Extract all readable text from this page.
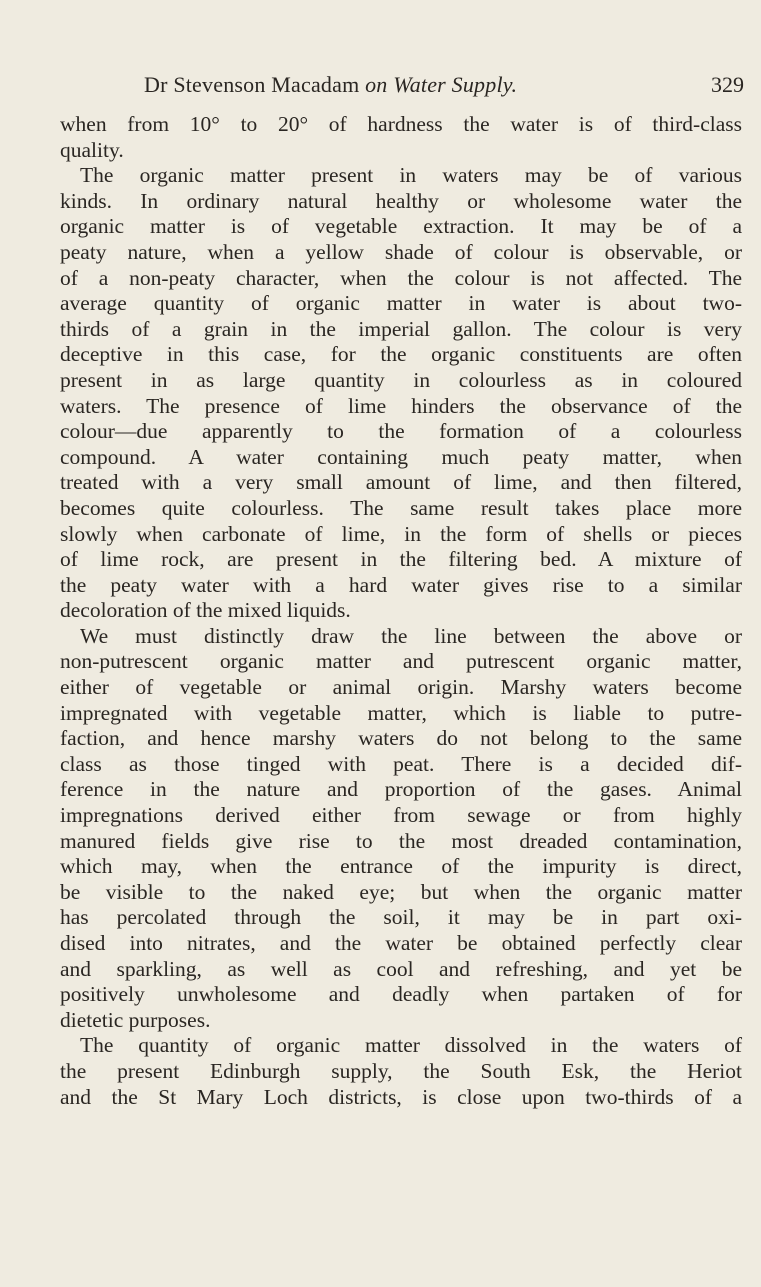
Dr Stevenson Macadam on Water Supply.	329
when from 10° to 20° of hardness the water is of third-class
quality.
The organic matter present in waters may be of various
kinds. In ordinary natural healthy or wholesome water the
organic matter is of vegetable extraction. It may be of a
peaty nature, when a yellow shade of colour is observable, or
of a non-peaty character, when the colour is not affected. The
average quantity of organic matter in water is about two-
thirds of a grain in the imperial gallon. The colour is very
deceptive in this case, for the organic constituents are often
present in as large quantity in colourless as in coloured
waters. The presence of lime hinders the observance of the
colour—due apparently to the formation of a colourless
compound. A water containing much peaty matter, when
treated with a very small amount of lime, and then filtered,
becomes quite colourless. The same result takes place more
slowly when carbonate of lime, in the form of shells or pieces
of lime rock, are present in the filtering bed. A mixture of
the peaty water with a hard water gives rise to a similar
decoloration of the mixed liquids.
We must distinctly draw the line between the above or
non-putrescent organic matter and putrescent organic matter,
either of vegetable or animal origin. Marshy waters become
impregnated with vegetable matter, which is liable to putre-
faction, and hence marshy waters do not belong to the same
class as those tinged with peat. There is a decided dif-
ference in the nature and proportion of the gases. Animal
impregnations derived either from sewage or from highly
manured fields give rise to the most dreaded contamination,
which may, when the entrance of the impurity is direct,
be visible to the naked eye; but when the organic matter
has percolated through the soil, it may be in part oxi-
dised into nitrates, and the water be obtained perfectly clear
and sparkling, as well as cool and refreshing, and yet be
positively unwholesome and deadly when partaken of for
dietetic purposes.
The quantity of organic matter dissolved in the waters of
the present Edinburgh supply, the South Esk, the Heriot
and the St Mary Loch districts, is close upon two-thirds of a
